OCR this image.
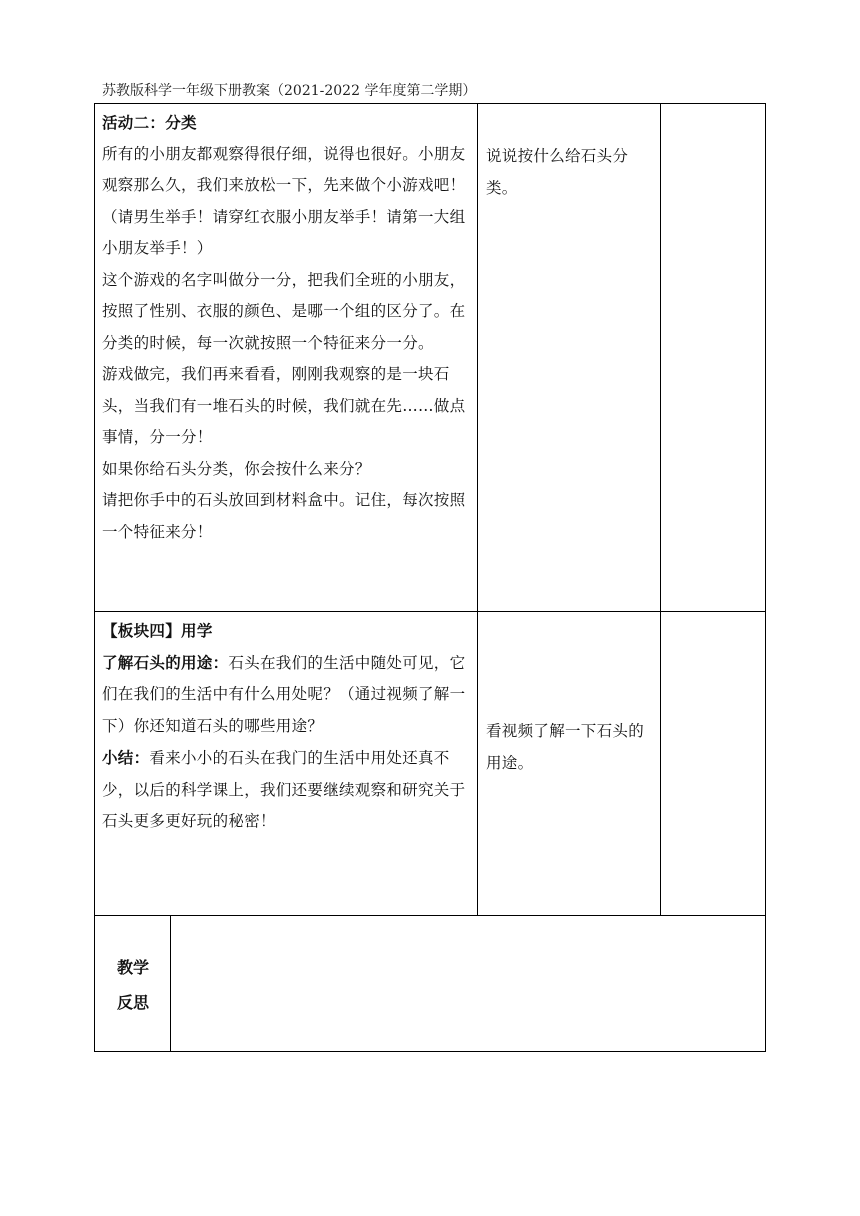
苏教版科学一年级下册教案（2021-2022 学年度第二学期）

活动二：分类

所有的小朋友都观察得很仔细，说得也很好。小朋友观察那么久，我们来放松一下，先来做个小游戏吧！（请男生举手！请穿红衣服小朋友举手！请第一大组小朋友举手！）

这个游戏的名字叫做分一分，把我们全班的小朋友，按照了性别、衣服的颜色、是哪一个组的区分了。在分类的时候，每一次就按照一个特征来分一分。

游戏做完，我们再来看看，刚刚我观察的是一块石头，当我们有一堆石头的时候，我们就在先……做点事情，分一分！

如果你给石头分类，你会按什么来分？

请把你手中的石头放回到材料盒中。记住，每次按照一个特征来分！

说说按什么给石头分类。

【板块四】用学

了解石头的用途：石头在我们的生活中随处可见，它们在我们的生活中有什么用处呢？（通过视频了解一下）你还知道石头的哪些用途？

小结：看来小小的石头在我门的生活中用处还真不少，以后的科学课上，我们还要继续观察和研究关于石头更多更好玩的秘密！

看视频了解一下石头的用途。

教学
反思
